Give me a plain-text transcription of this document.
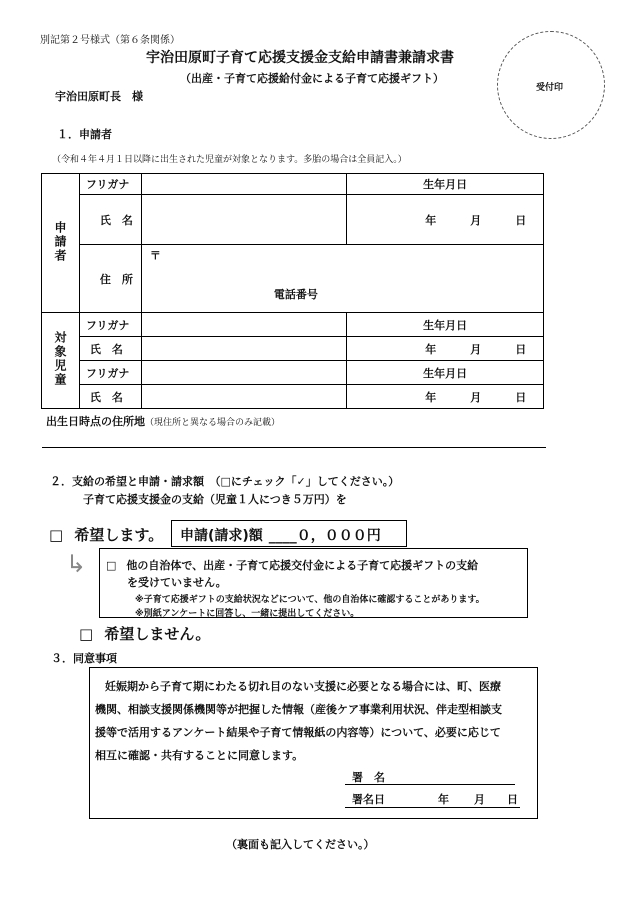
別記第２号様式（第６条関係）
宇治田原町子育て応援支援金支給申請書兼請求書
（出産・子育て応援給付金による子育て応援ギフト）
宇治田原町長　様
受付印
１．申請者
（令和４年４月１日以降に出生された児童が対象となります。多胎の場合は全員記入。）
申請者	フリガナ		生年月日
	氏　名		年 月 日
	住　所	〒
電話番号	

対象児童	フリガナ		生年月日
	氏　名		年 月 日
	フリガナ		生年月日
	氏　名		年 月 日
出生日時点の住所地（現住所と異なる場合のみ記載）
２．支給の希望と申請・請求額　（□にチェック「✓」してください。）
子育て応援支援金の支給（児童１人につき５万円）を
□ 希望します。 申請(請求)額 ____０，０００円
↳ □ 他の自治体で、出産・子育て応援交付金による子育て応援ギフトの支給
を受けていません。
※子育て応援ギフトの支給状況などについて、他の自治体に確認することがあります。
※別紙アンケートに回答し、一緒に提出してください。
□ 希望しません。
３．同意事項
妊娠期から子育て期にわたる切れ目のない支援に必要となる場合には、町、医療
機関、相談支援関係機関等が把握した情報（産後ケア事業利用状況、伴走型相談支
援等で活用するアンケート結果や子育て情報紙の内容等）について、必要に応じて
相互に確認・共有することに同意します。
署　名
署名日	年 月 日
（裏面も記入してください。）
